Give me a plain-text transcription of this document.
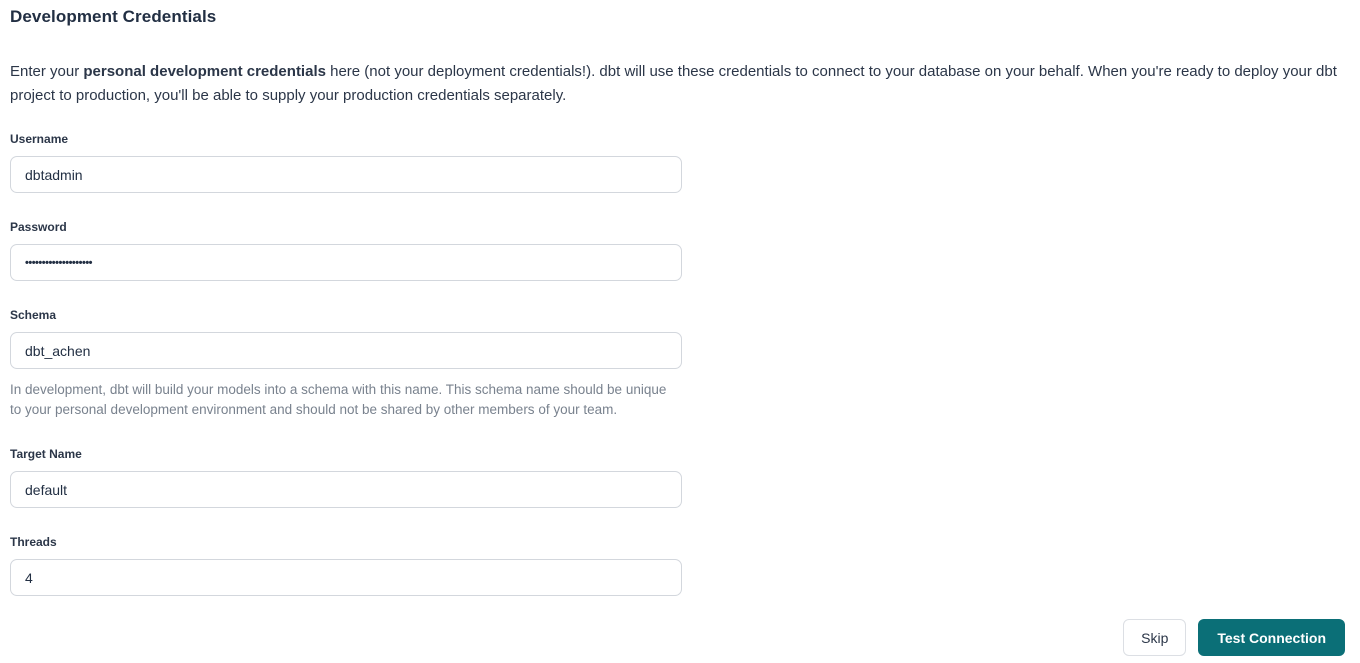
Development Credentials

Enter your personal development credentials here (not your deployment credentials!). dbt will use these credentials to connect to your database on your behalf. When you're ready to deploy your dbt project to production, you'll be able to supply your production credentials separately.

Username
dbtadmin
Password
••••••••••••••••••••
Schema
dbt_achen

In development, dbt will build your models into a schema with this name. This schema name should be unique to your personal development environment and should not be shared by other members of your team.

Target Name
default
Threads
4
Skip	Test Connection
